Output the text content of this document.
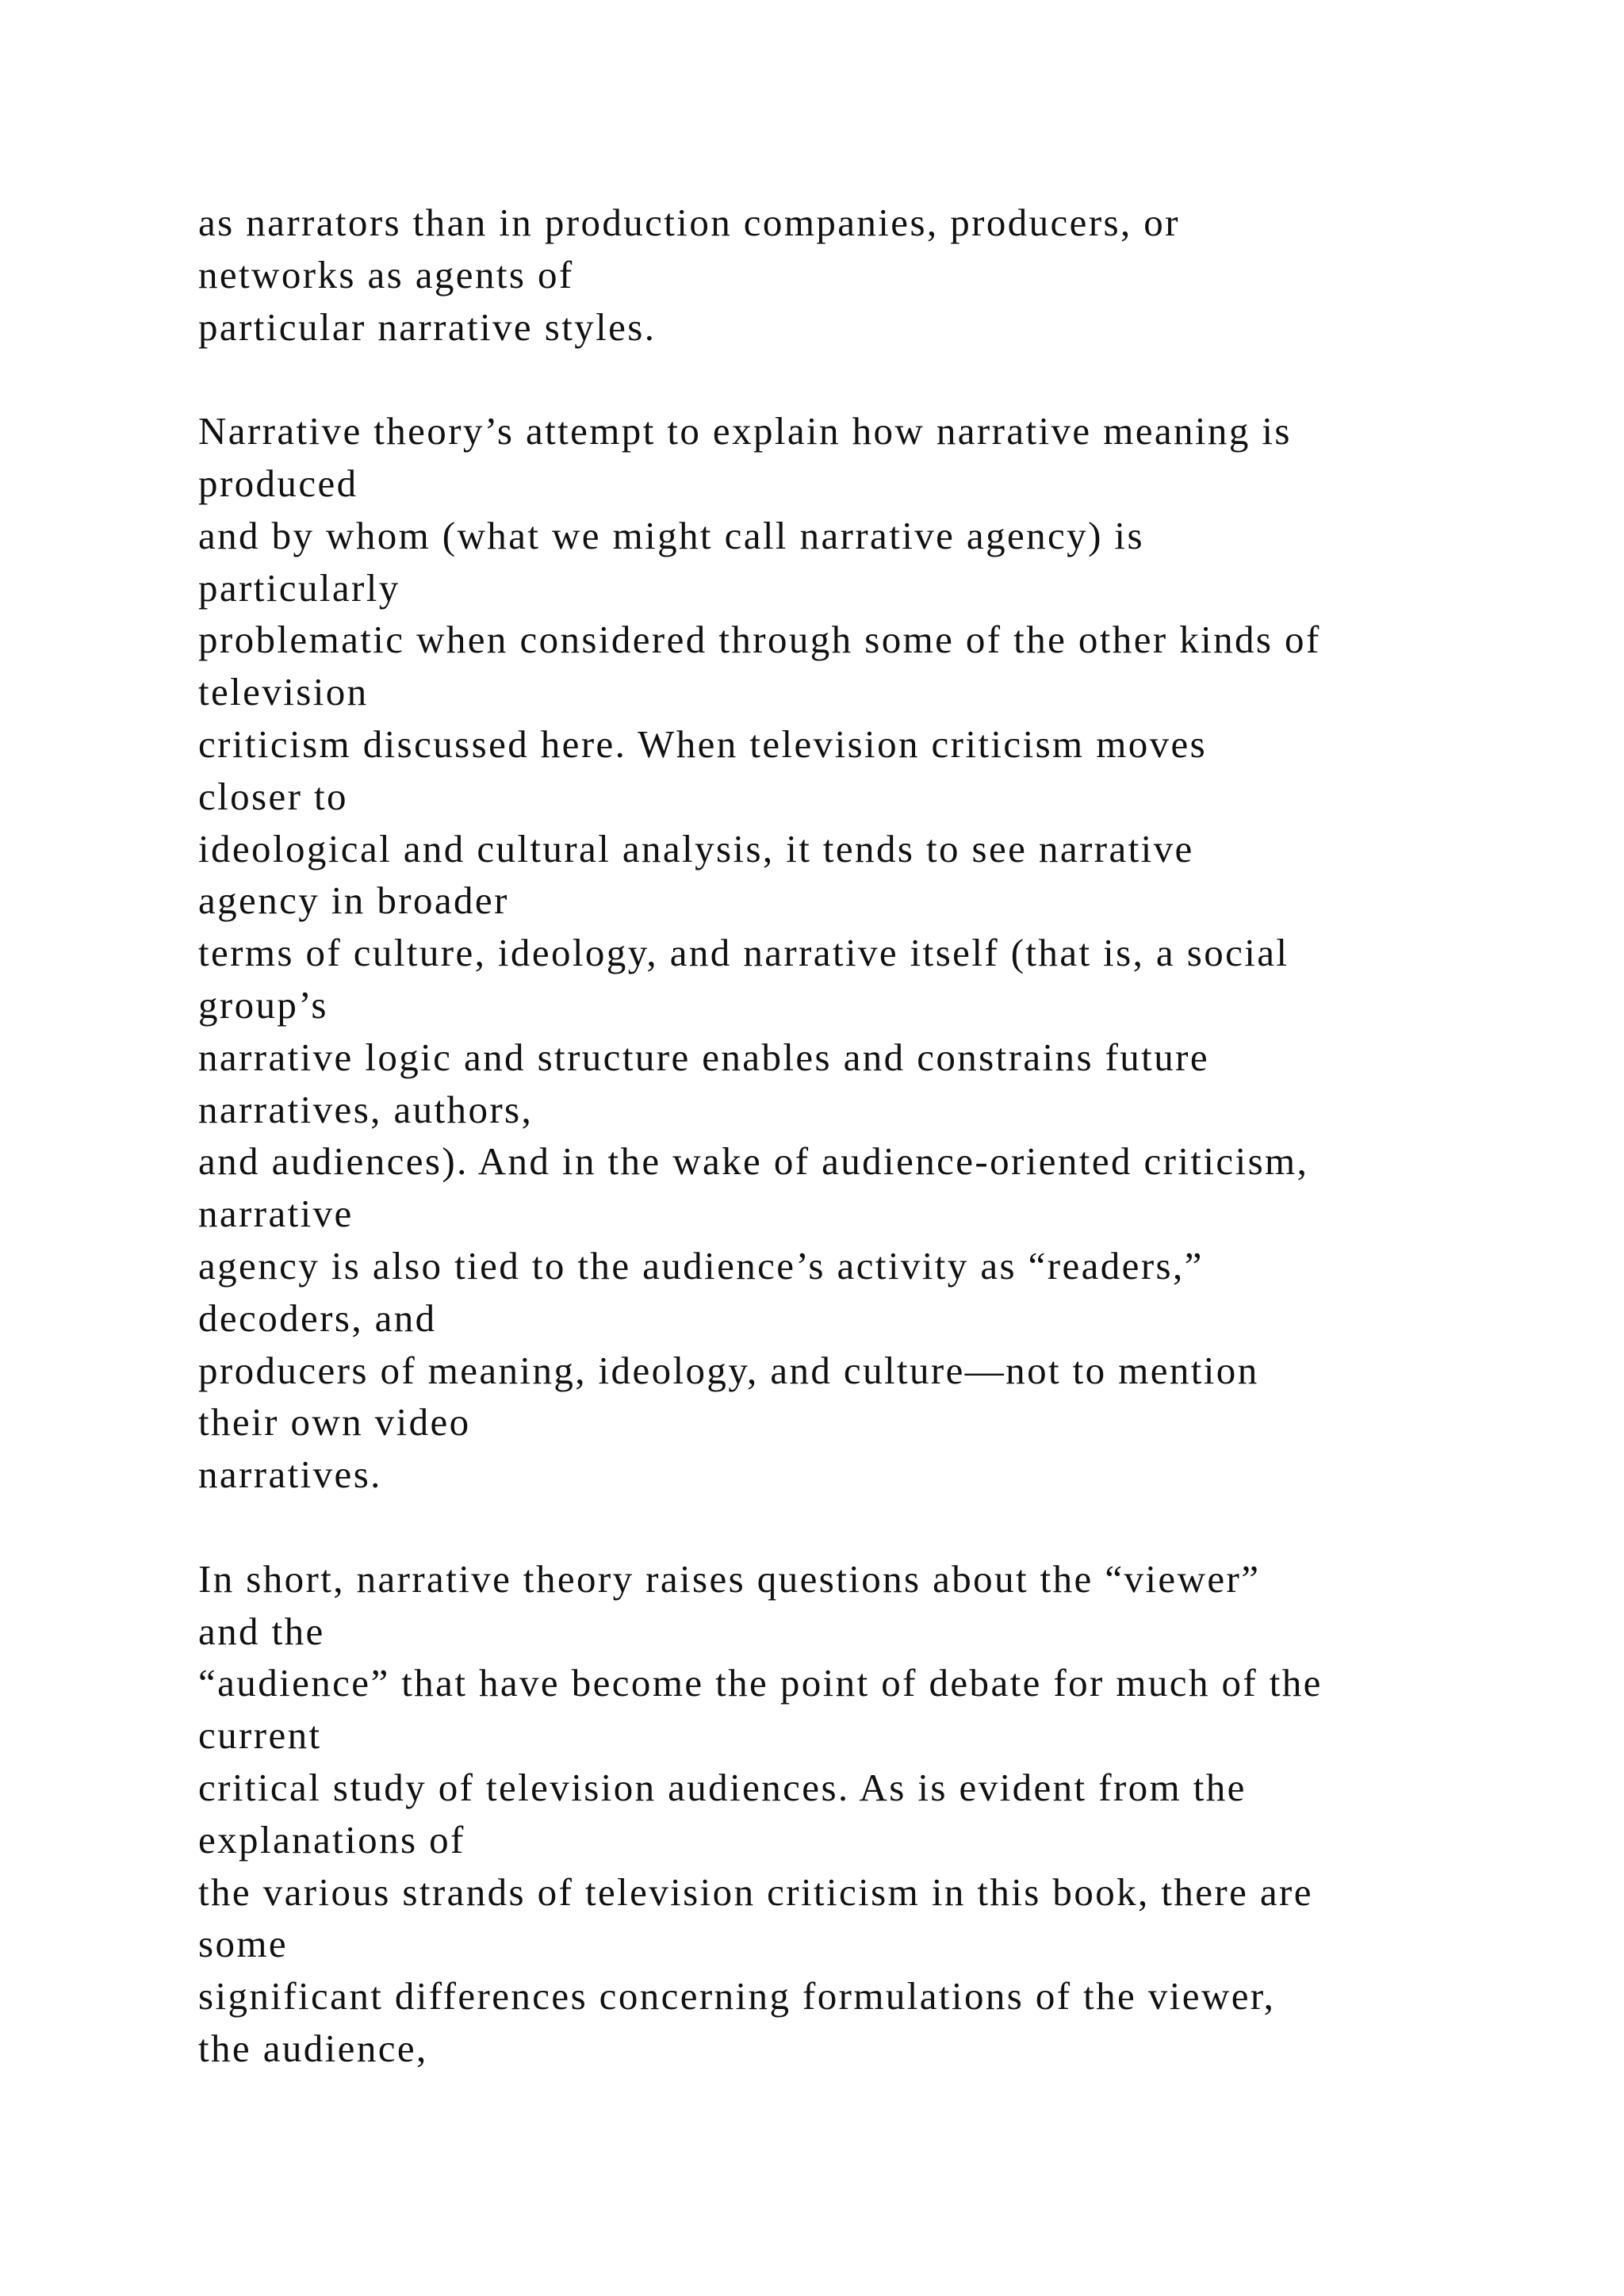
as narrators than in production companies, producers, or
networks as agents of
particular narrative styles.
Narrative theory’s attempt to explain how narrative meaning is
produced
and by whom (what we might call narrative agency) is
particularly
problematic when considered through some of the other kinds of
television
criticism discussed here. When television criticism moves
closer to
ideological and cultural analysis, it tends to see narrative
agency in broader
terms of culture, ideology, and narrative itself (that is, a social
group’s
narrative logic and structure enables and constrains future
narratives, authors,
and audiences). And in the wake of audience-oriented criticism,
narrative
agency is also tied to the audience’s activity as “readers,”
decoders, and
producers of meaning, ideology, and culture—not to mention
their own video
narratives.
In short, narrative theory raises questions about the “viewer”
and the
“audience” that have become the point of debate for much of the
current
critical study of television audiences. As is evident from the
explanations of
the various strands of television criticism in this book, there are
some
significant differences concerning formulations of the viewer,
the audience,
